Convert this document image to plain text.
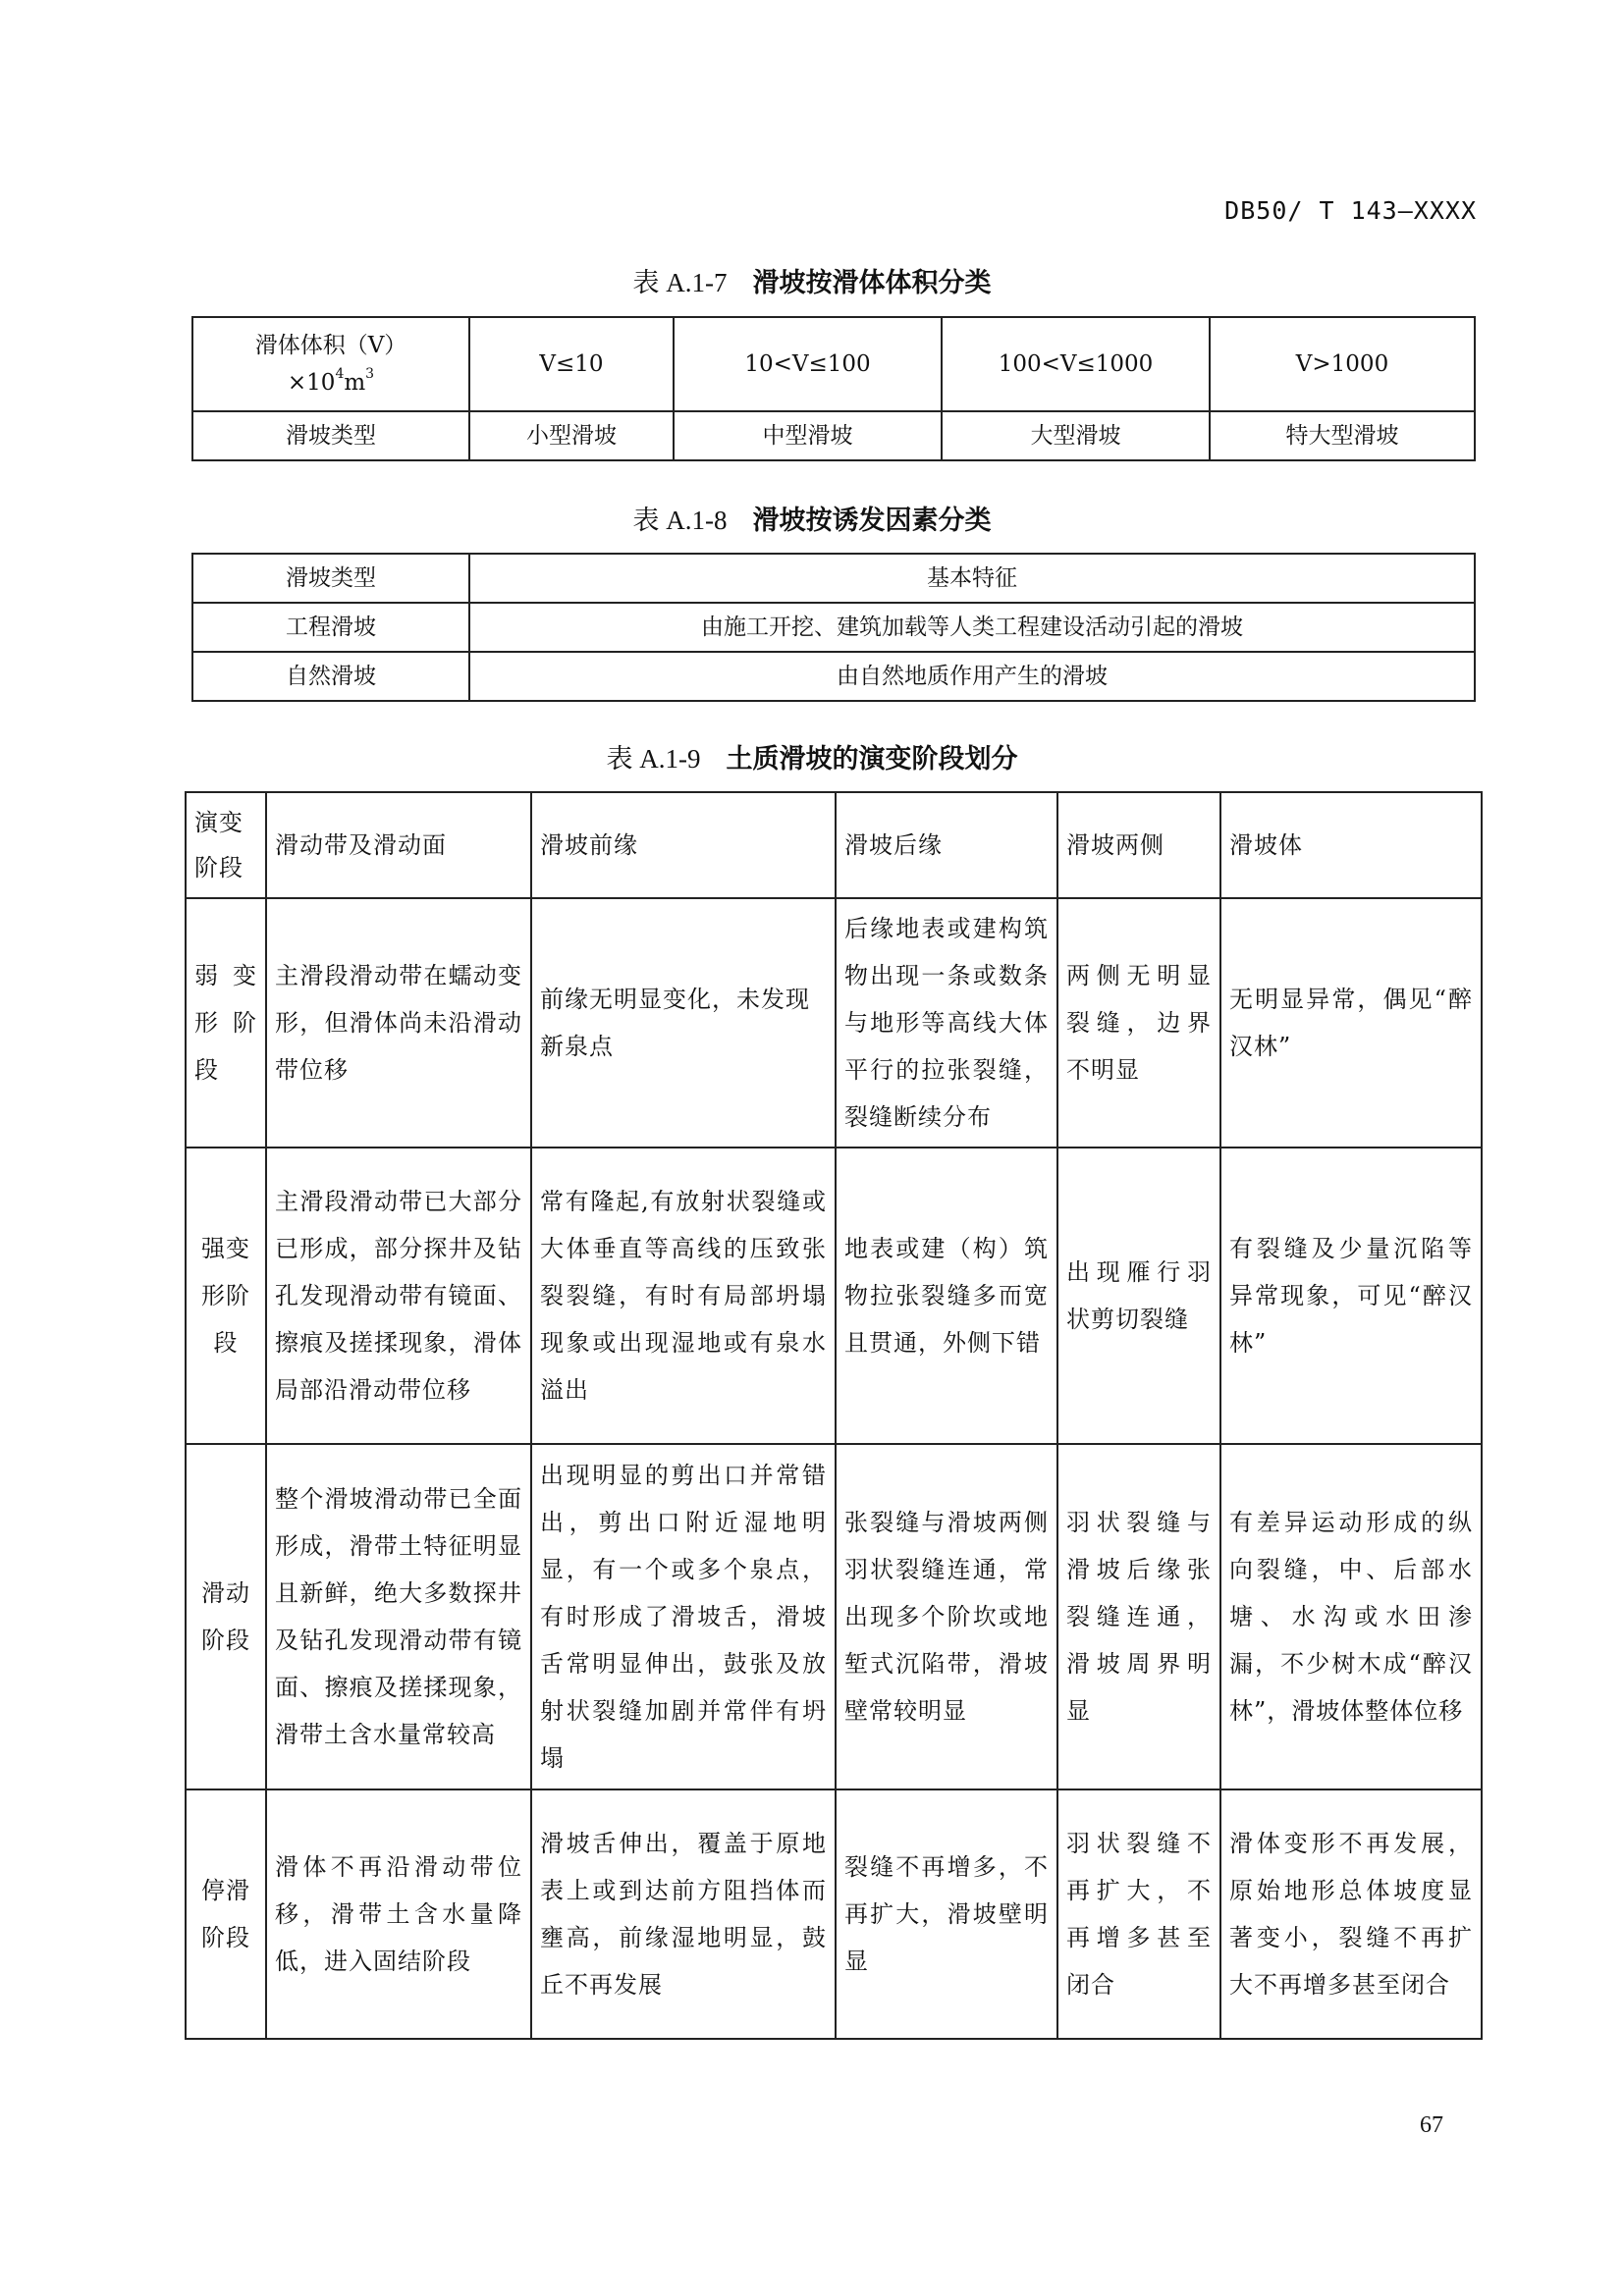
DB50/ T 143—XXXX
表 A.1-7 滑坡按滑体体积分类
滑体体积（V）
$\times 10^4m^3$	V≤10	10<V≤100	100<V≤1000	V>1000
滑坡类型	小型滑坡	中型滑坡	大型滑坡	特大型滑坡
表 A.1-8 滑坡按诱发因素分类
滑坡类型	基本特征
工程滑坡	由施工开挖、建筑加载等人类工程建设活动引起的滑坡
自然滑坡	由自然地质作用产生的滑坡
表 A.1-9 土质滑坡的演变阶段划分
演变阶段	滑动带及滑动面	滑坡前缘	滑坡后缘	滑坡两侧	滑坡体
弱变形阶段	主滑段滑动带在蠕动变形，但滑体尚未沿滑动带位移	前缘无明显变化，未发现新泉点	后缘地表或建构筑物出现一条或数条与地形等高线大体平行的拉张裂缝，裂缝断续分布	两侧无明显裂缝，边界不明显	无明显异常，偶见“醉汉林”
强变形阶段	主滑段滑动带已大部分已形成，部分探井及钻孔发现滑动带有镜面、擦痕及搓揉现象，滑体局部沿滑动带位移	常有隆起,有放射状裂缝或大体垂直等高线的压致张裂裂缝，有时有局部坍塌现象或出现湿地或有泉水溢出	地表或建（构）筑物拉张裂缝多而宽且贯通，外侧下错	出现雁行羽状剪切裂缝	有裂缝及少量沉陷等异常现象，可见“醉汉林”
滑动阶段	整个滑坡滑动带已全面形成，滑带土特征明显且新鲜，绝大多数探井及钻孔发现滑动带有镜面、擦痕及搓揉现象，滑带土含水量常较高	出现明显的剪出口并常错出，剪出口附近湿地明显，有一个或多个泉点，有时形成了滑坡舌，滑坡舌常明显伸出，鼓张及放射状裂缝加剧并常伴有坍塌	张裂缝与滑坡两侧羽状裂缝连通，常出现多个阶坎或地堑式沉陷带，滑坡壁常较明显	羽状裂缝与滑坡后缘张裂缝连通，滑坡周界明显	有差异运动形成的纵向裂缝，中、后部水塘、水沟或水田渗漏，不少树木成“醉汉林”，滑坡体整体位移
停滑阶段	滑体不再沿滑动带位移，滑带土含水量降低，进入固结阶段	滑坡舌伸出，覆盖于原地表上或到达前方阻挡体而壅高，前缘湿地明显，鼓丘不再发展	裂缝不再增多，不再扩大，滑坡壁明显	羽状裂缝不再扩大，不再增多甚至闭合	滑体变形不再发展，原始地形总体坡度显著变小，裂缝不再扩大不再增多甚至闭合
67
